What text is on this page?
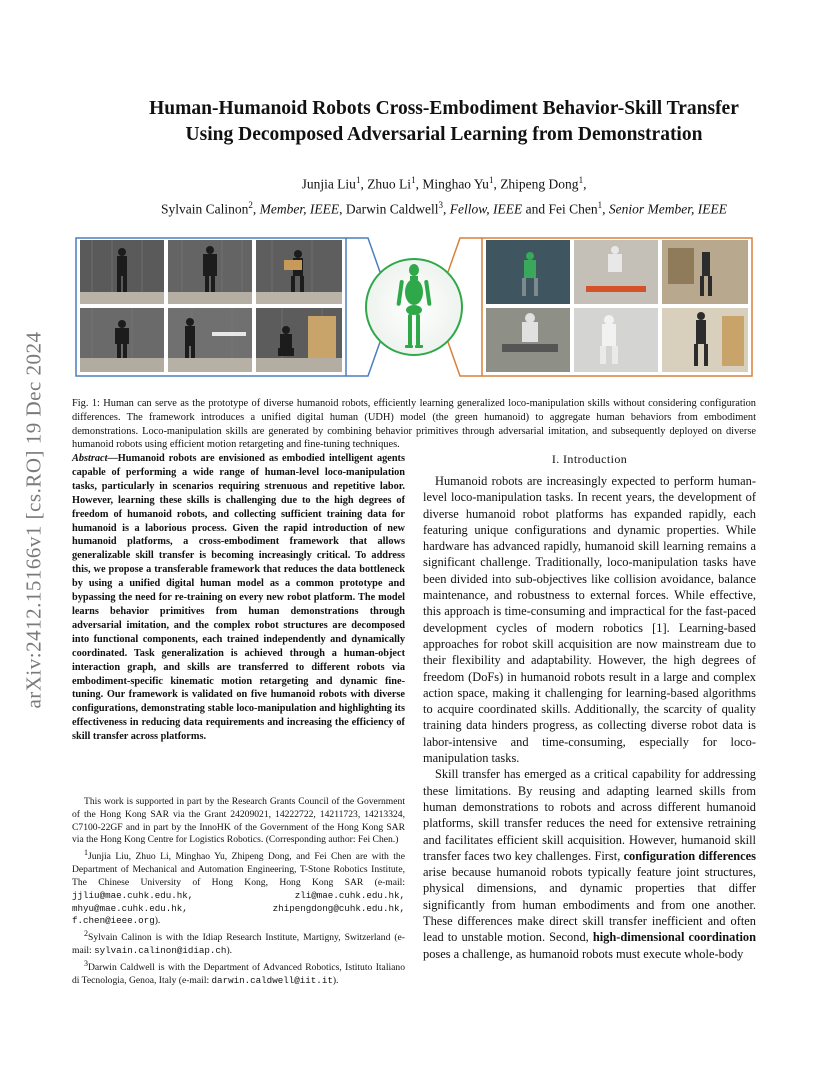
arXiv:2412.15166v1 [cs.RO] 19 Dec 2024
Human-Humanoid Robots Cross-Embodiment Behavior-Skill Transfer
Using Decomposed Adversarial Learning from Demonstration
Junjia Liu$^1$, Zhuo Li$^1$, Minghao Yu$^1$, Zhipeng Dong$^1$,
Sylvain Calinon$^2$, Member, IEEE, Darwin Caldwell$^3$, Fellow, IEEE and Fei Chen$^1$, Senior Member, IEEE

Fig. 1: Human can serve as the prototype of diverse humanoid robots, efficiently learning generalized loco-manipulation skills without considering configuration differences. The framework introduces a unified digital human (UDH) model (the green humanoid) to aggregate human behaviors from embodiment demonstrations. Loco-manipulation skills are generated by combining behavior primitives through adversarial imitation, and subsequently deployed on diverse humanoid robots using efficient motion retargeting and fine-tuning techniques.

Abstract—Humanoid robots are envisioned as embodied intelligent agents capable of performing a wide range of human-level loco-manipulation tasks, particularly in scenarios requiring strenuous and repetitive labor. However, learning these skills is challenging due to the high degrees of freedom of humanoid robots, and collecting sufficient training data for humanoid is a laborious process. Given the rapid introduction of new humanoid platforms, a cross-embodiment framework that allows generalizable skill transfer is becoming increasingly critical. To address this, we propose a transferable framework that reduces the data bottleneck by using a unified digital human model as a common prototype and bypassing the need for re-training on every new robot platform. The model learns behavior primitives from human demonstrations through adversarial imitation, and the complex robot structures are decomposed into functional components, each trained independently and dynamically coordinated. Task generalization is achieved through a human-object interaction graph, and skills are transferred to different robots via embodiment-specific kinematic motion retargeting and dynamic fine-tuning. Our framework is validated on five humanoid robots with diverse configurations, demonstrating stable loco-manipulation and highlighting its effectiveness in reducing data requirements and increasing the efficiency of skill transfer across platforms.

This work is supported in part by the Research Grants Council of the Government of the Hong Kong SAR via the Grant 24209021, 14222722, 14211723, 14213324, C7100-22GF and in part by the InnoHK of the Government of the Hong Kong SAR via the Hong Kong Centre for Logistics Robotics. (Corresponding author: Fei Chen.)

$^1$Junjia Liu, Zhuo Li, Minghao Yu, Zhipeng Dong, and Fei Chen are with the Department of Mechanical and Automation Engineering, T-Stone Robotics Institute, The Chinese University of Hong Kong, Hong Kong SAR (e-mail: jjliu@mae.cuhk.edu.hk, zli@mae.cuhk.edu.hk, mhyu@mae.cuhk.edu.hk, zhipengdong@cuhk.edu.hk, f.chen@ieee.org).

$^2$Sylvain Calinon is with the Idiap Research Institute, Martigny, Switzerland (e-mail: sylvain.calinon@idiap.ch).

$^3$Darwin Caldwell is with the Department of Advanced Robotics, Istituto Italiano di Tecnologia, Genoa, Italy (e-mail: darwin.caldwell@iit.it).

I. Introduction

Humanoid robots are increasingly expected to perform human-level loco-manipulation tasks. In recent years, the development of diverse humanoid robot platforms has expanded rapidly, each featuring unique configurations and dynamic properties. While hardware has advanced rapidly, humanoid skill learning remains a significant challenge. Traditionally, loco-manipulation tasks have been divided into sub-objectives like collision avoidance, balance maintenance, and robustness to external forces. While effective, this approach is time-consuming and impractical for the fast-paced development cycles of modern robotics [1]. Learning-based approaches for robot skill acquisition are now mainstream due to their flexibility and adaptability. However, the high degrees of freedom (DoFs) in humanoid robots result in a large and complex action space, making it challenging for learning-based algorithms to acquire coordinated skills. Additionally, the scarcity of quality training data hinders progress, as collecting diverse robot data is labor-intensive and time-consuming, especially for loco-manipulation tasks.

Skill transfer has emerged as a critical capability for addressing these limitations. By reusing and adapting learned skills from human demonstrations to robots and across different humanoid platforms, skill transfer reduces the need for extensive retraining and facilitates efficient skill acquisition. However, humanoid skill transfer faces two key challenges. First, configuration differences arise because humanoid robots typically feature joint structures, physical dimensions, and dynamic properties that differ significantly from human embodiments and from one another. These differences make direct skill transfer inefficient and often lead to unstable motion. Second, high-dimensional coordination poses a challenge, as humanoid robots must execute whole-body
